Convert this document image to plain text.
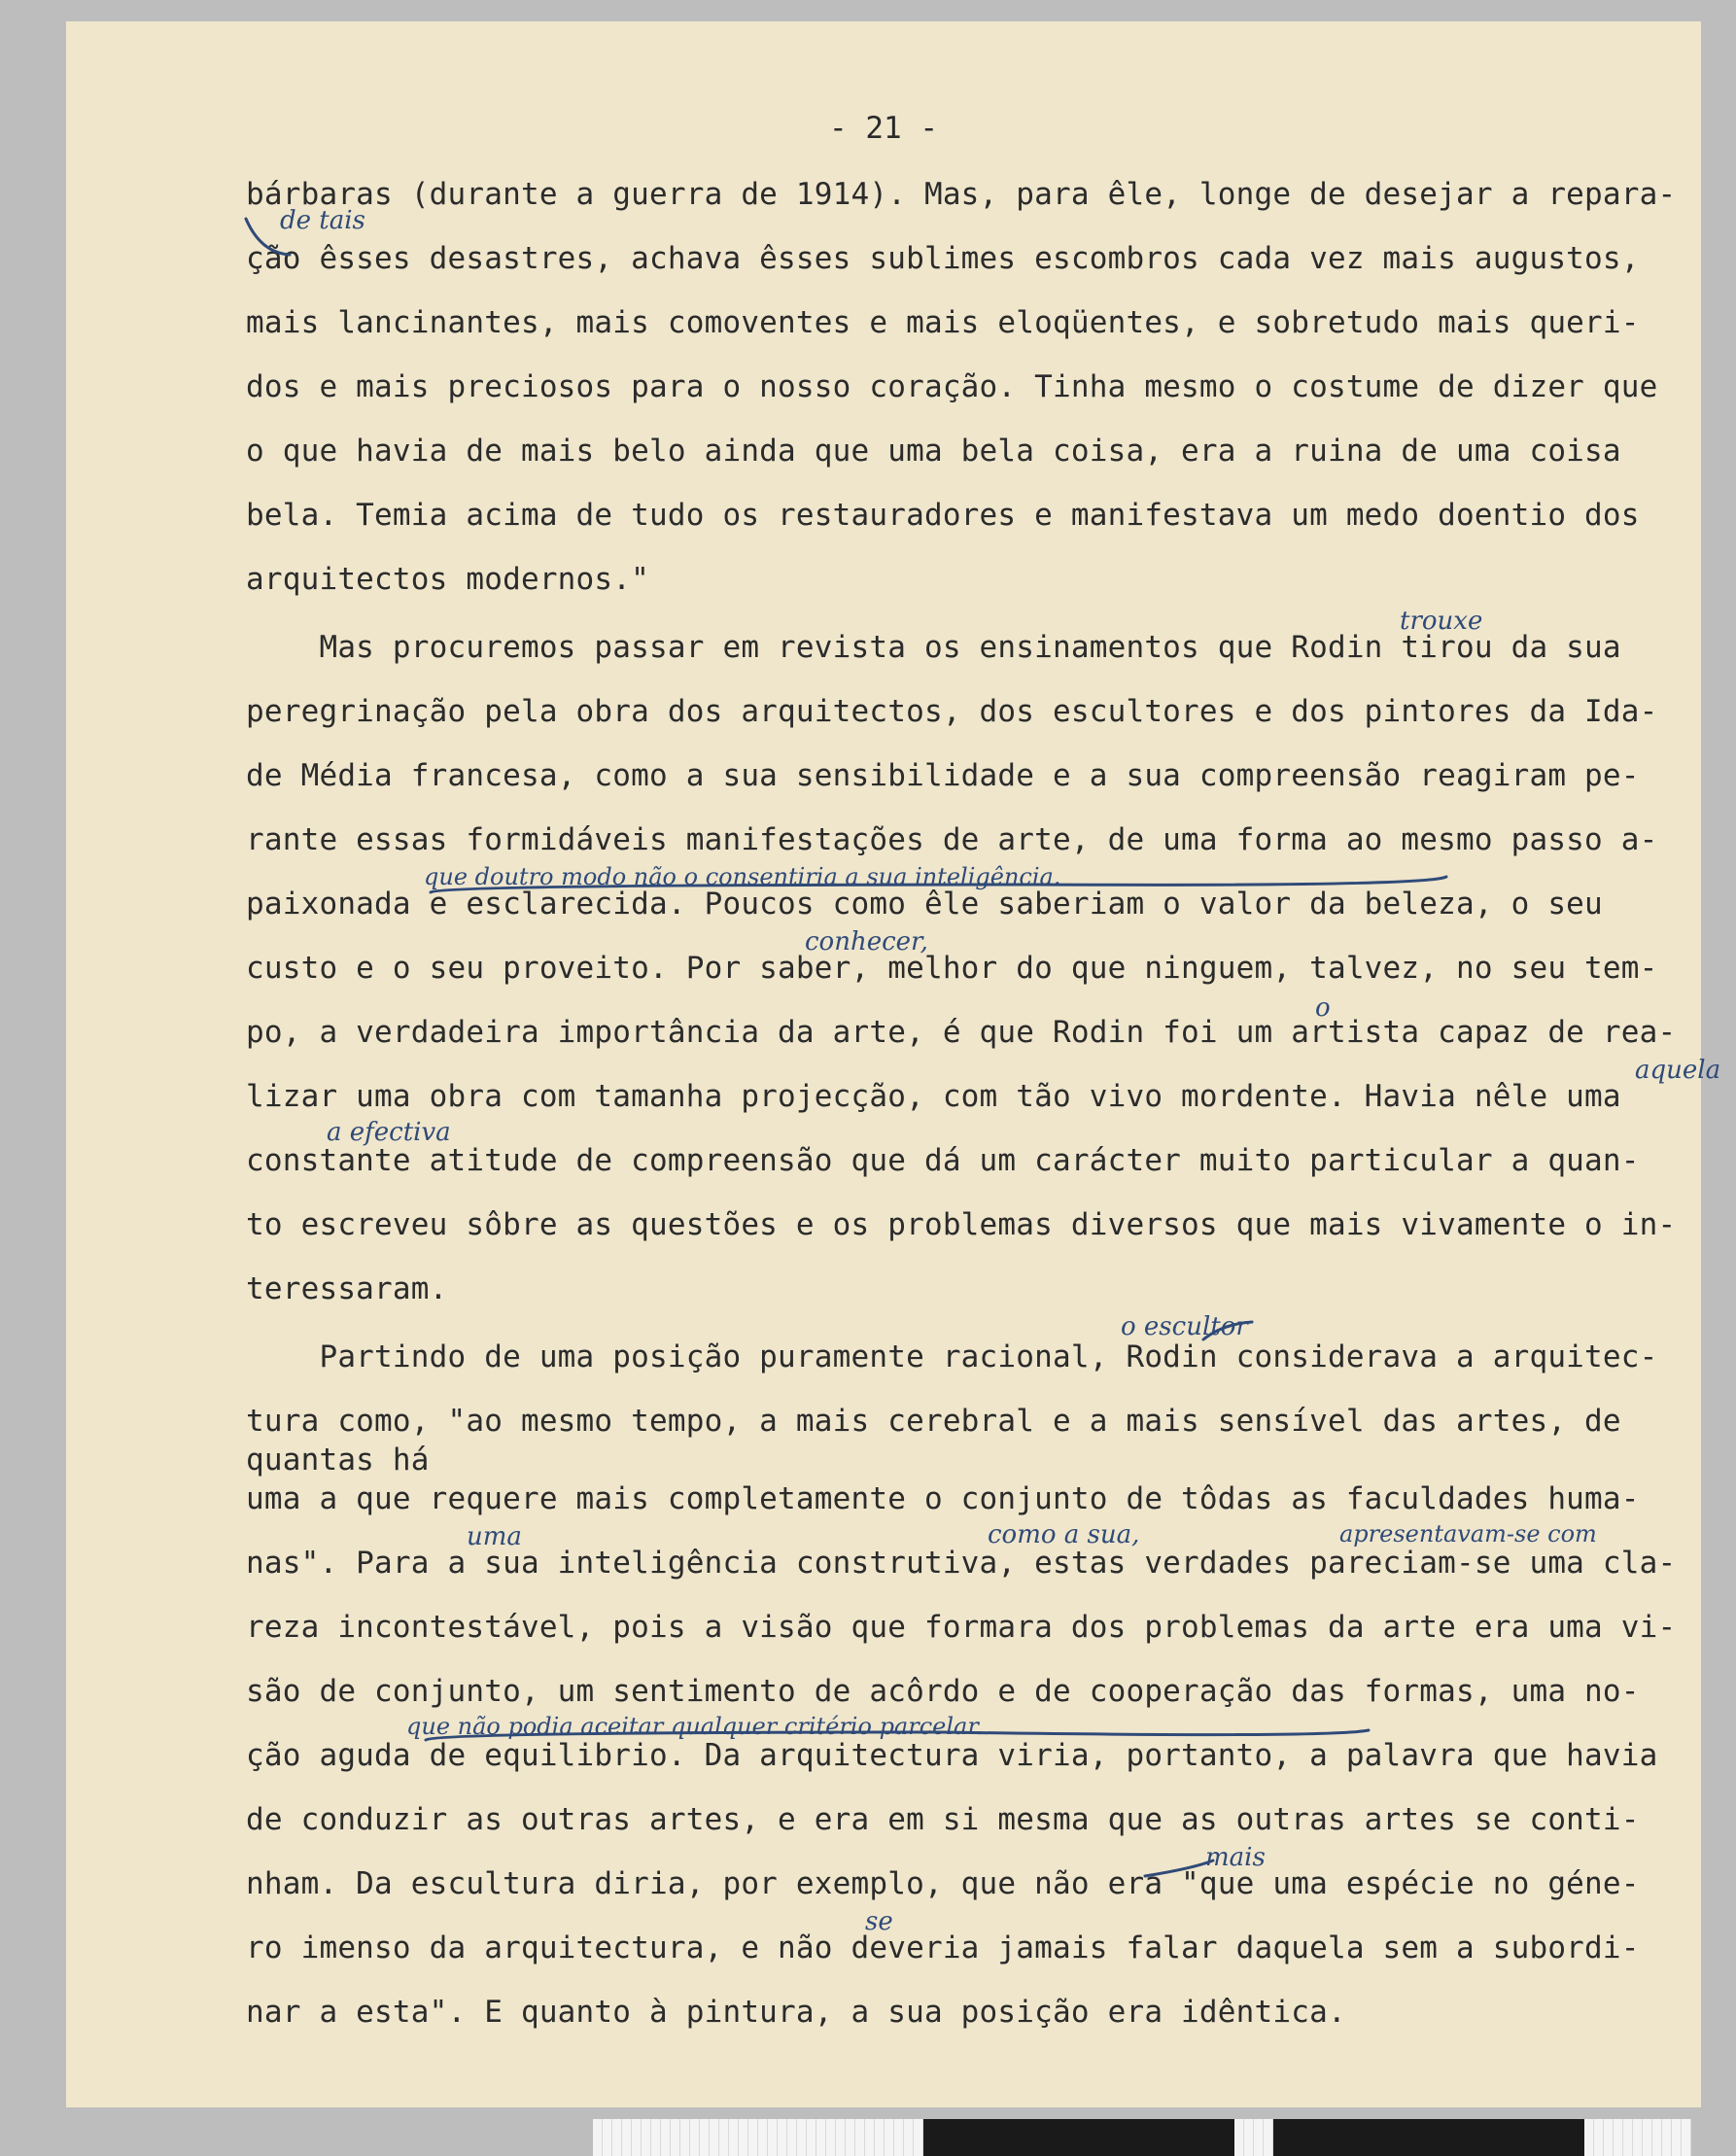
- 21 -
bárbaras (durante a guerra de 1914). Mas, para êle, longe de desejar a repara-
ção êsses desastres, achava êsses sublimes escombros cada vez mais augustos,
mais lancinantes, mais comoventes e mais eloqüentes, e sobretudo mais queri-
dos e mais preciosos para o nosso coração. Tinha mesmo o costume de dizer que
o que havia de mais belo ainda que uma bela coisa, era a ruina de uma coisa
bela. Temia acima de tudo os restauradores e manifestava um medo doentio dos
arquitectos modernos."
Mas procuremos passar em revista os ensinamentos que Rodin tirou da sua
peregrinação pela obra dos arquitectos, dos escultores e dos pintores da Ida-
de Média francesa, como a sua sensibilidade e a sua compreensão reagiram pe-
rante essas formidáveis manifestações de arte, de uma forma ao mesmo passo a-
paixonada e esclarecida. Poucos como êle saberiam o valor da beleza, o seu
custo e o seu proveito. Por saber, melhor do que ninguem, talvez, no seu tem-
po, a verdadeira importância da arte, é que Rodin foi um artista capaz de rea-
lizar uma obra com tamanha projecção, com tão vivo mordente. Havia nêle uma
constante atitude de compreensão que dá um carácter muito particular a quan-
to escreveu sôbre as questões e os problemas diversos que mais vivamente o in-
teressaram.
Partindo de uma posição puramente racional, Rodin considerava a arquitec-
tura como, "ao mesmo tempo, a mais cerebral e a mais sensível das artes, de
quantas há
uma a que requere mais completamente o conjunto de tôdas as faculdades huma-
nas". Para a sua inteligência construtiva, estas verdades pareciam-se uma cla-
reza incontestável, pois a visão que formara dos problemas da arte era uma vi-
são de conjunto, um sentimento de acôrdo e de cooperação das formas, uma no-
ção aguda de equilibrio. Da arquitectura viria, portanto, a palavra que havia
de conduzir as outras artes, e era em si mesma que as outras artes se conti-
nham. Da escultura diria, por exemplo, que não era "que uma espécie no géne-
ro imenso da arquitectura, e não deveria jamais falar daquela sem a subordi-
nar a esta". E quanto à pintura, a sua posição era idêntica.
de tais
trouxe
que doutro modo não o consentiria a sua inteligência.
conhecer,
o
aquela
a efectiva
o escultor
uma	como a sua,	apresentavam-se com
que não podia aceitar qualquer critério parcelar.
mais
se
